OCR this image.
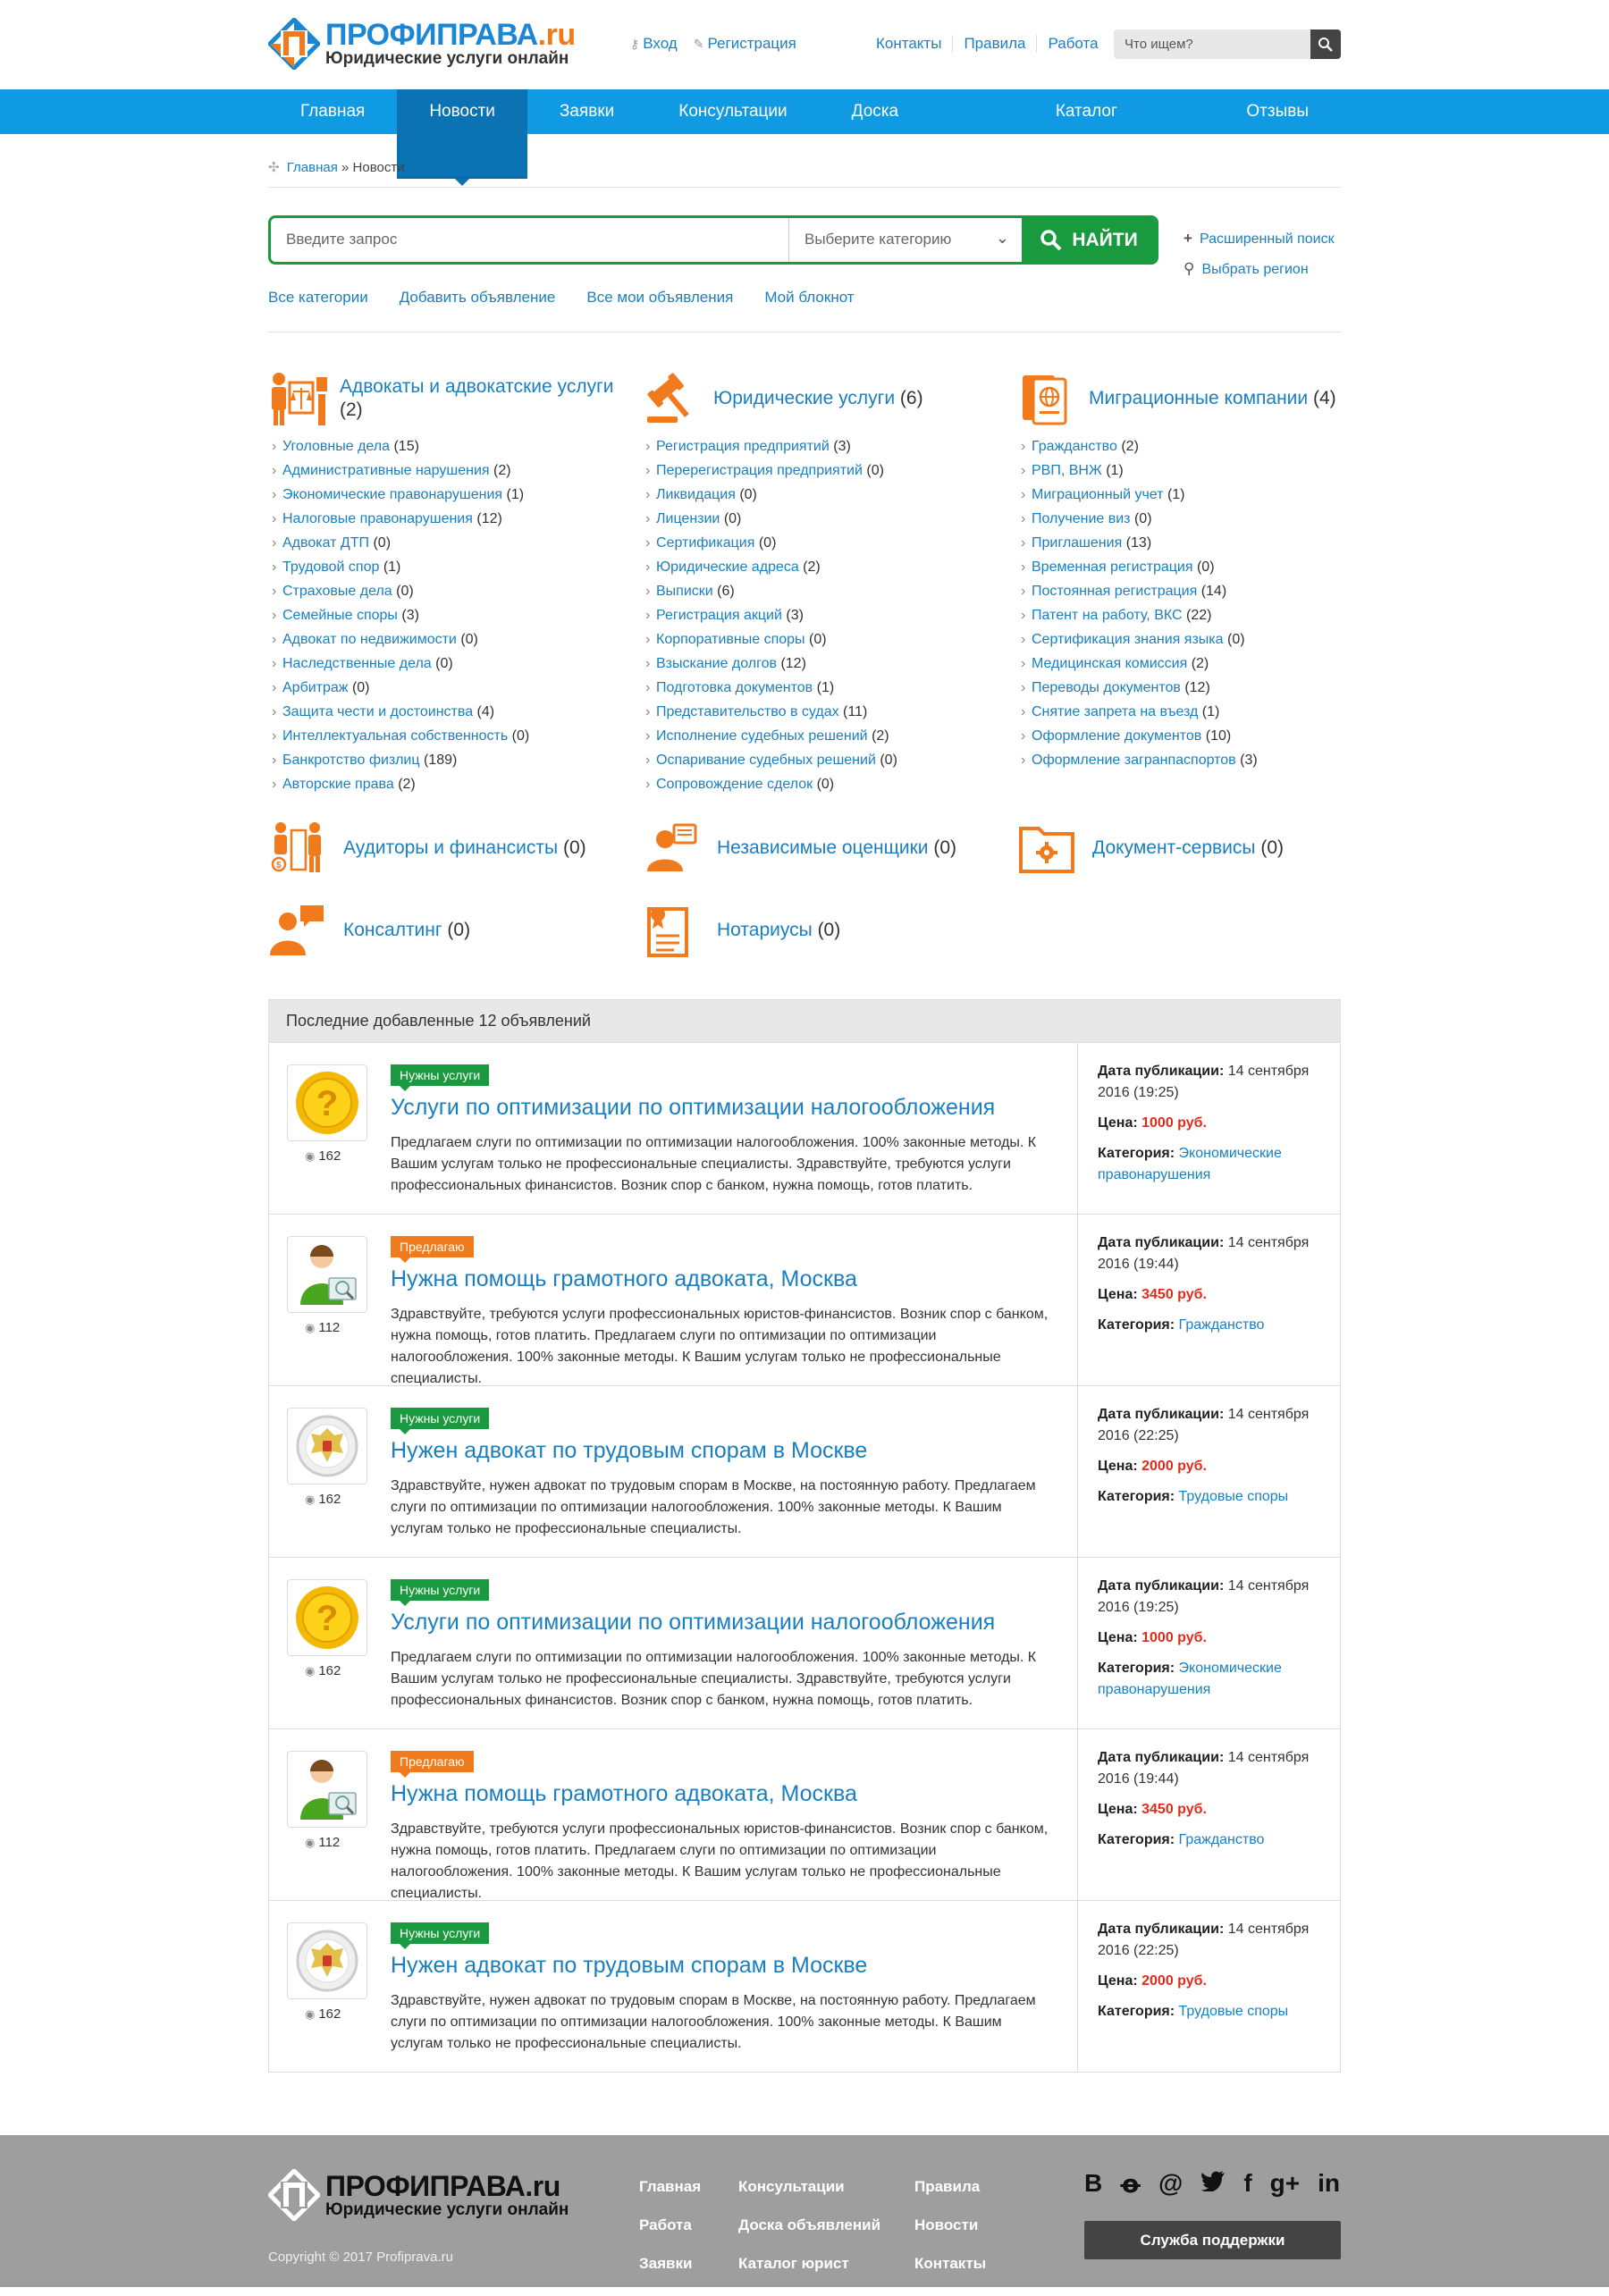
ПРОФИПРАВА.ru
Юридические услуги онлайн
⚷ Вход ✎ Регистрация	Контакты	Правила	Работа	Что ищем?
Главная	Новости	Заявки	Консультации	Доска объявлений
Каталог юристов
Отзывы
✣ Главная » Новости
Введите запрос	Выберите категорию	⌄	НАЙТИ	+ Расширенный поиск
⚲ Выбрать регион
Все категории Добавить объявление Все мои объявления Мой блокнот
Адвокаты и адвокатские услуги (2)
› Уголовные дела (15)
› Административные нарушения (2)
› Экономические правонарушения (1)
› Налоговые правонарушения (12)
› Адвокат ДТП (0)
› Трудовой спор (1)
› Страховые дела (0)
› Семейные споры (3)
› Адвокат по недвижимости (0)
› Наследственные дела (0)
› Арбитраж (0)
› Защита чести и достоинства (4)
› Интеллектуальная собственность (0)
› Банкротство физлиц (189)
› Авторские права (2)
Юридические услуги (6)
› Регистрация предприятий (3)
› Перерегистрация предприятий (0)
› Ликвидация (0)
› Лицензии (0)
› Сертификация (0)
› Юридические адреса (2)
› Выписки (6)
› Регистрация акций (3)
› Корпоративные споры (0)
› Взыскание долгов (12)
› Подготовка документов (1)
› Представительство в судах (11)
› Исполнение судебных решений (2)
› Оспаривание судебных решений (0)
› Сопровождение сделок (0)
Миграционные компании (4)
› Гражданство (2)
› РВП, ВНЖ (1)
› Миграционный учет (1)
› Получение виз (0)
› Приглашения (13)
› Временная регистрация (0)
› Постоянная регистрация (14)
› Патент на работу, ВКС (22)
› Сертификация знания языка (0)
› Медицинская комиссия (2)
› Переводы документов (12)
› Снятие запрета на въезд (1)
› Оформление документов (10)
› Оформление загранпаспортов (3)
$
Аудиторы и финансисты (0)	Независимые оценщики (0)	Документ-сервисы (0)
Консалтинг (0)	Нотариусы (0)
Последние добавленные 12 объявлений
?
◉ 162
Нужны услуги
Услуги по оптимизации по оптимизации налогообложения
Предлагаем слуги по оптимизации по оптимизации налогообложения. 100% законные методы. К Вашим услугам только не профессиональные специалисты. Здравствуйте, требуются услуги профессиональных финансистов. Возник спор с банком, нужна помощь, готов платить.

Дата публикации: 14 сентября 2016 (19:25)

Цена: 1000 руб.

Категория: Экономические правонарушения

◉ 112
Предлагаю
Нужна помощь грамотного адвоката, Москва
Здравствуйте, требуются услуги профессиональных юристов-финансистов. Возник спор с банком, нужна помощь, готов платить. Предлагаем слуги по оптимизации по оптимизации налогообложения. 100% законные методы. К Вашим услугам только не профессиональные специалисты.

Дата публикации: 14 сентября 2016 (19:44)

Цена: 3450 руб.

Категория: Гражданство

◉ 162
Нужны услуги
Нужен адвокат по трудовым спорам в Москве
Здравствуйте, нужен адвокат по трудовым спорам в Москве, на постоянную работу. Предлагаем слуги по оптимизации по оптимизации налогообложения. 100% законные методы. К Вашим услугам только не профессиональные специалисты.

Дата публикации: 14 сентября 2016 (22:25)

Цена: 2000 руб.

Категория: Трудовые споры

?
◉ 162
Нужны услуги
Услуги по оптимизации по оптимизации налогообложения
Предлагаем слуги по оптимизации по оптимизации налогообложения. 100% законные методы. К Вашим услугам только не профессиональные специалисты. Здравствуйте, требуются услуги профессиональных финансистов. Возник спор с банком, нужна помощь, готов платить.

Дата публикации: 14 сентября 2016 (19:25)

Цена: 1000 руб.

Категория: Экономические правонарушения

◉ 112
Предлагаю
Нужна помощь грамотного адвоката, Москва
Здравствуйте, требуются услуги профессиональных юристов-финансистов. Возник спор с банком, нужна помощь, готов платить. Предлагаем слуги по оптимизации по оптимизации налогообложения. 100% законные методы. К Вашим услугам только не профессиональные специалисты.

Дата публикации: 14 сентября 2016 (19:44)

Цена: 3450 руб.

Категория: Гражданство

◉ 162
Нужны услуги
Нужен адвокат по трудовым спорам в Москве
Здравствуйте, нужен адвокат по трудовым спорам в Москве, на постоянную работу. Предлагаем слуги по оптимизации по оптимизации налогообложения. 100% законные методы. К Вашим услугам только не профессиональные специалисты.

Дата публикации: 14 сентября 2016 (22:25)

Цена: 2000 руб.

Категория: Трудовые споры

ПРОФИПРАВА.ru
Юридические услуги онлайн
Copyright © 2017 Profiprava.ru
Главная
Работа
Заявки
Консультации
Доска объявлений
Каталог юрист
Правила
Новости
Контакты
В ꝋ @ f g+ in
Служба поддержки
